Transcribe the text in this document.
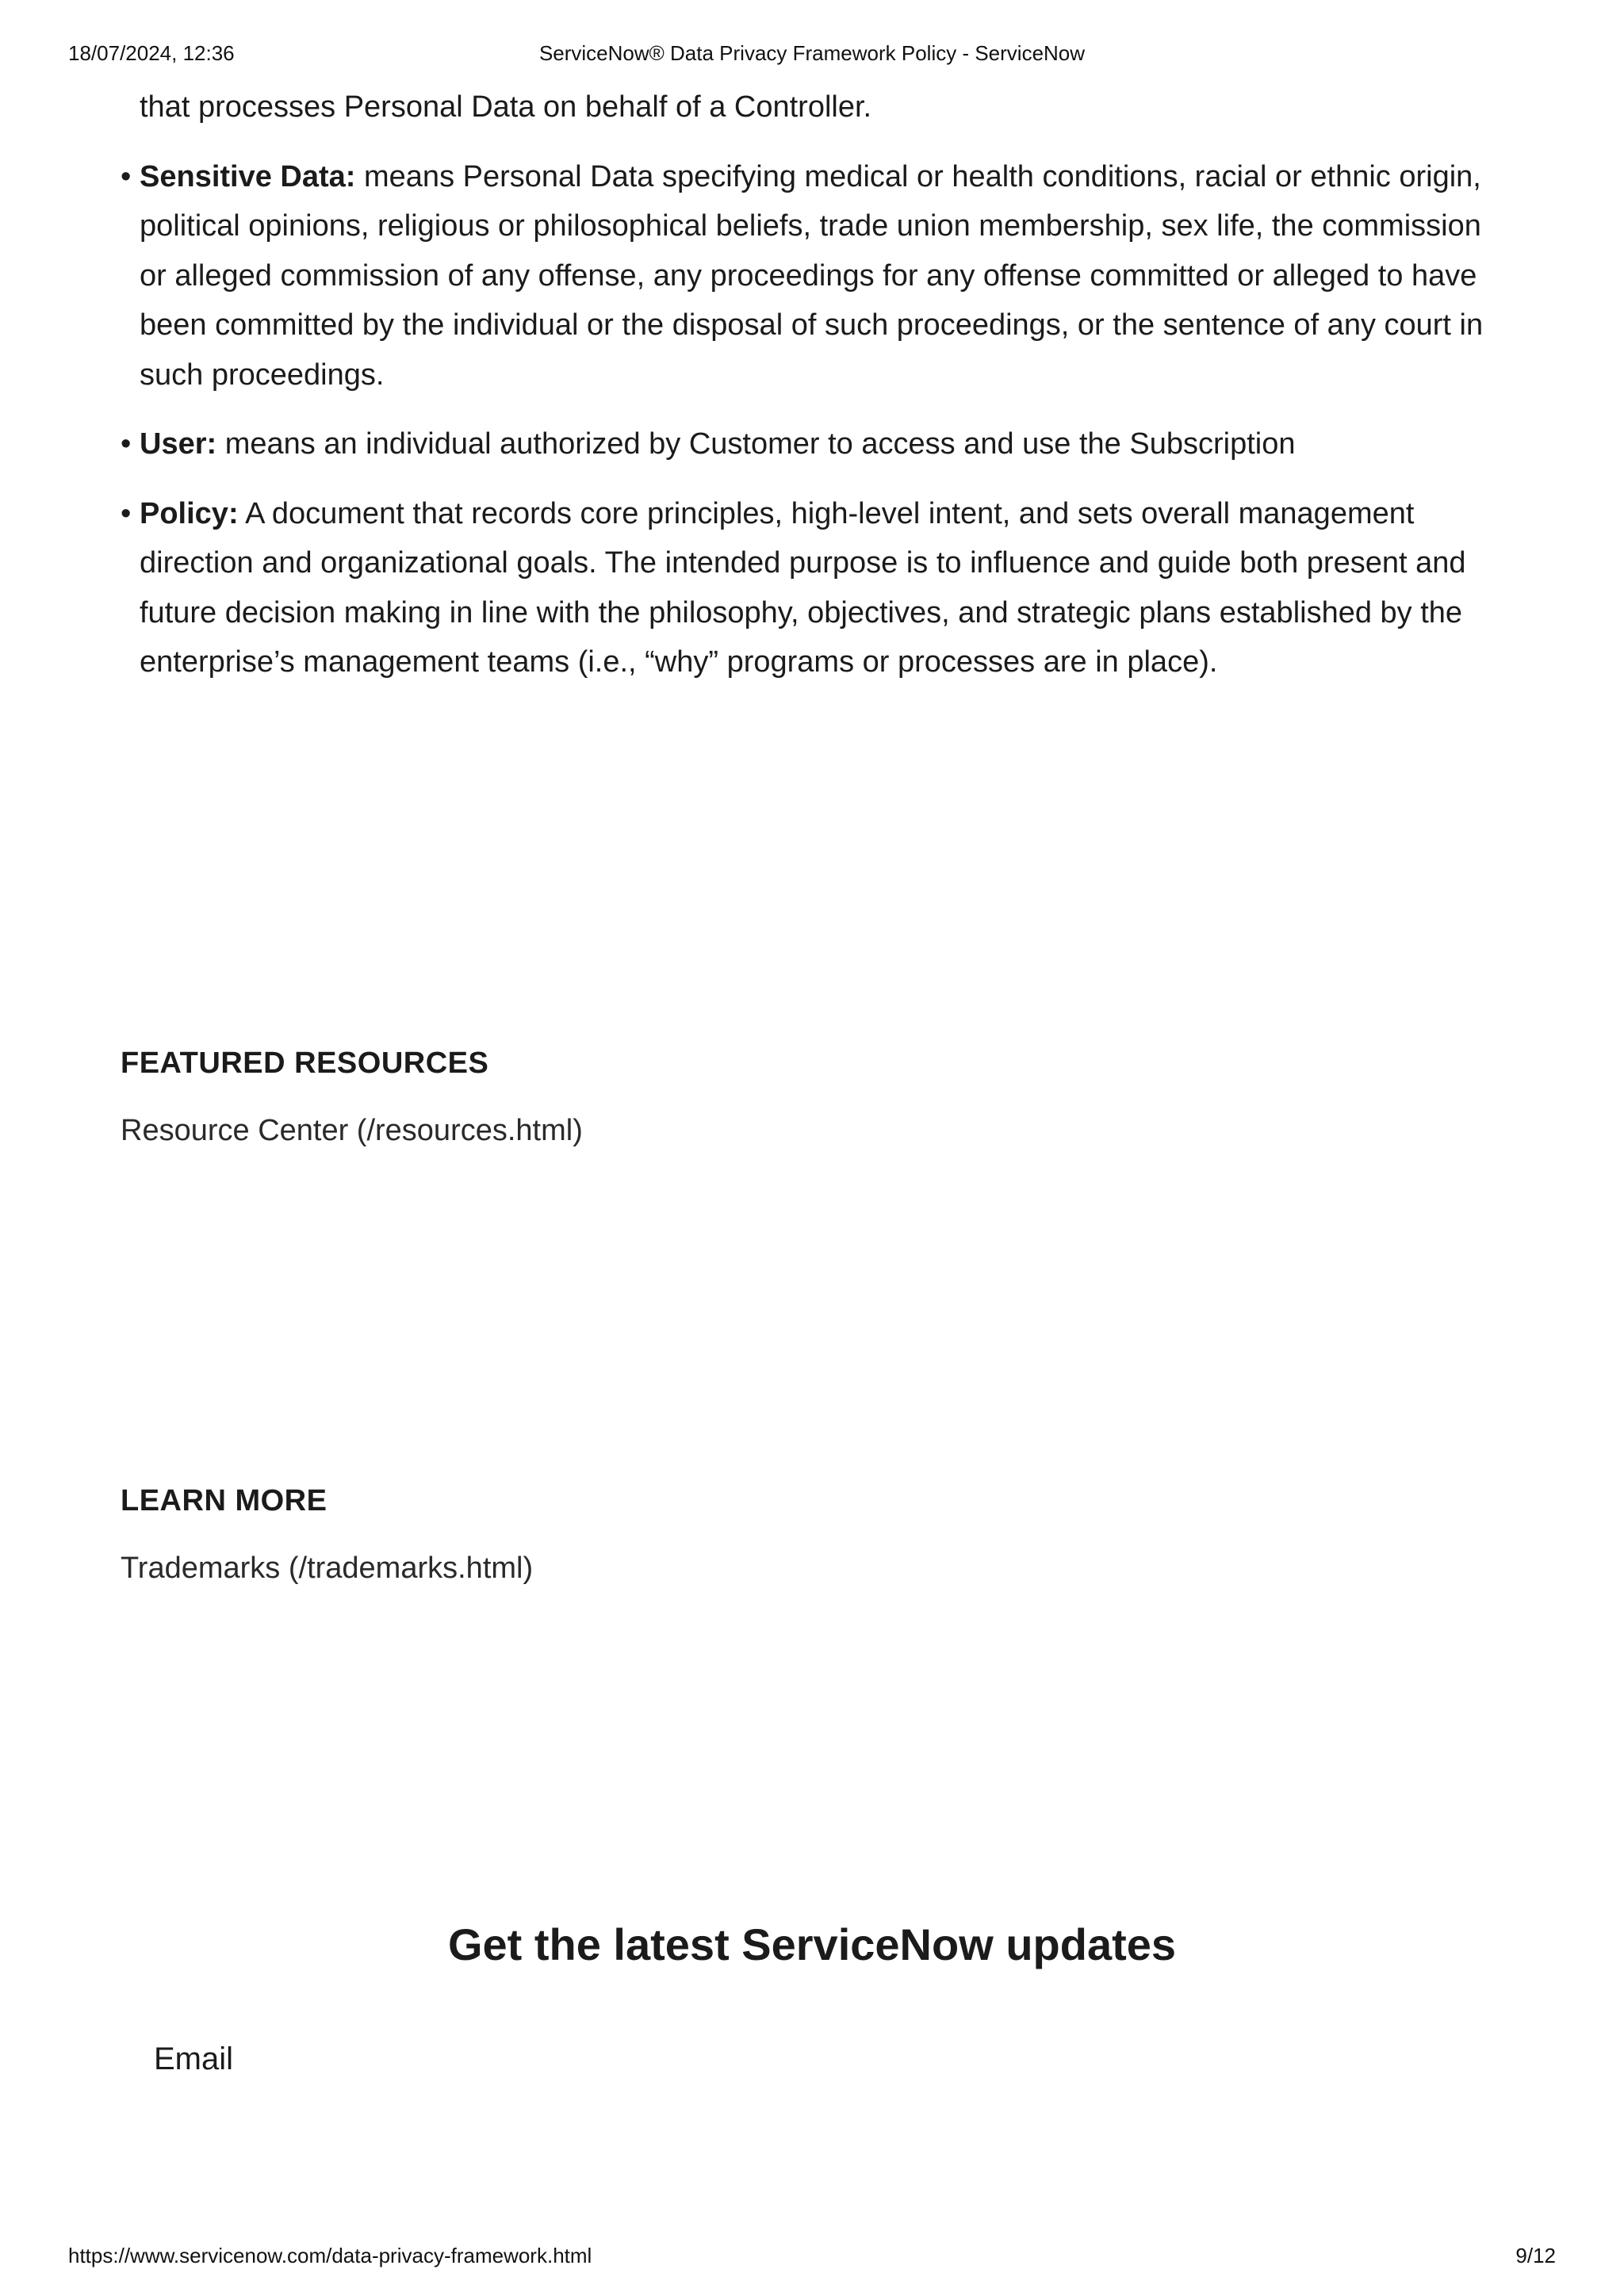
18/07/2024, 12:36	ServiceNow® Data Privacy Framework Policy - ServiceNow
that processes Personal Data on behalf of a Controller.
• Sensitive Data: means Personal Data specifying medical or health conditions, racial or ethnic origin, political opinions, religious or philosophical beliefs, trade union membership, sex life, the commission or alleged commission of any offense, any proceedings for any offense committed or alleged to have been committed by the individual or the disposal of such proceedings, or the sentence of any court in such proceedings.
• User: means an individual authorized by Customer to access and use the Subscription
• Policy: A document that records core principles, high-level intent, and sets overall management direction and organizational goals. The intended purpose is to influence and guide both present and future decision making in line with the philosophy, objectives, and strategic plans established by the enterprise’s management teams (i.e., “why” programs or processes are in place).
FEATURED RESOURCES
Resource Center (/resources.html)
LEARN MORE
Trademarks (/trademarks.html)
Get the latest ServiceNow updates
Email
https://www.servicenow.com/data-privacy-framework.html	9/12
